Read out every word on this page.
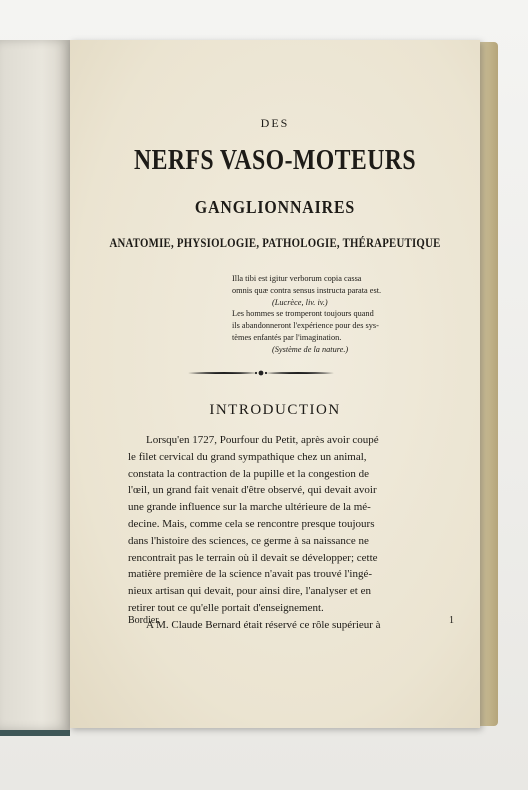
DES
NERFS VASO-MOTEURS
GANGLIONNAIRES
ANATOMIE, PHYSIOLOGIE, PATHOLOGIE, THÉRAPEUTIQUE

Illa tibi est igitur verborum copia cassa

omnis quæ contra sensus instructa parata est.

(Lucrèce, liv. iv.)

Les hommes se tromperont toujours quand

ils abandonneront l'expérience pour des sys-

tèmes enfantés par l'imagination.

(Système de la nature.)

INTRODUCTION

Lorsqu'en 1727, Pourfour du Petit, après avoir coupé

le filet cervical du grand sympathique chez un animal,

constata la contraction de la pupille et la congestion de

l'œil, un grand fait venait d'être observé, qui devait avoir

une grande influence sur la marche ultérieure de la mé-

decine. Mais, comme cela se rencontre presque toujours

dans l'histoire des sciences, ce germe à sa naissance ne

rencontrait pas le terrain où il devait se développer; cette

matière première de la science n'avait pas trouvé l'ingé-

nieux artisan qui devait, pour ainsi dire, l'analyser et en

retirer tout ce qu'elle portait d'enseignement.

A M. Claude Bernard était réservé ce rôle supérieur à

Bordier.	1
